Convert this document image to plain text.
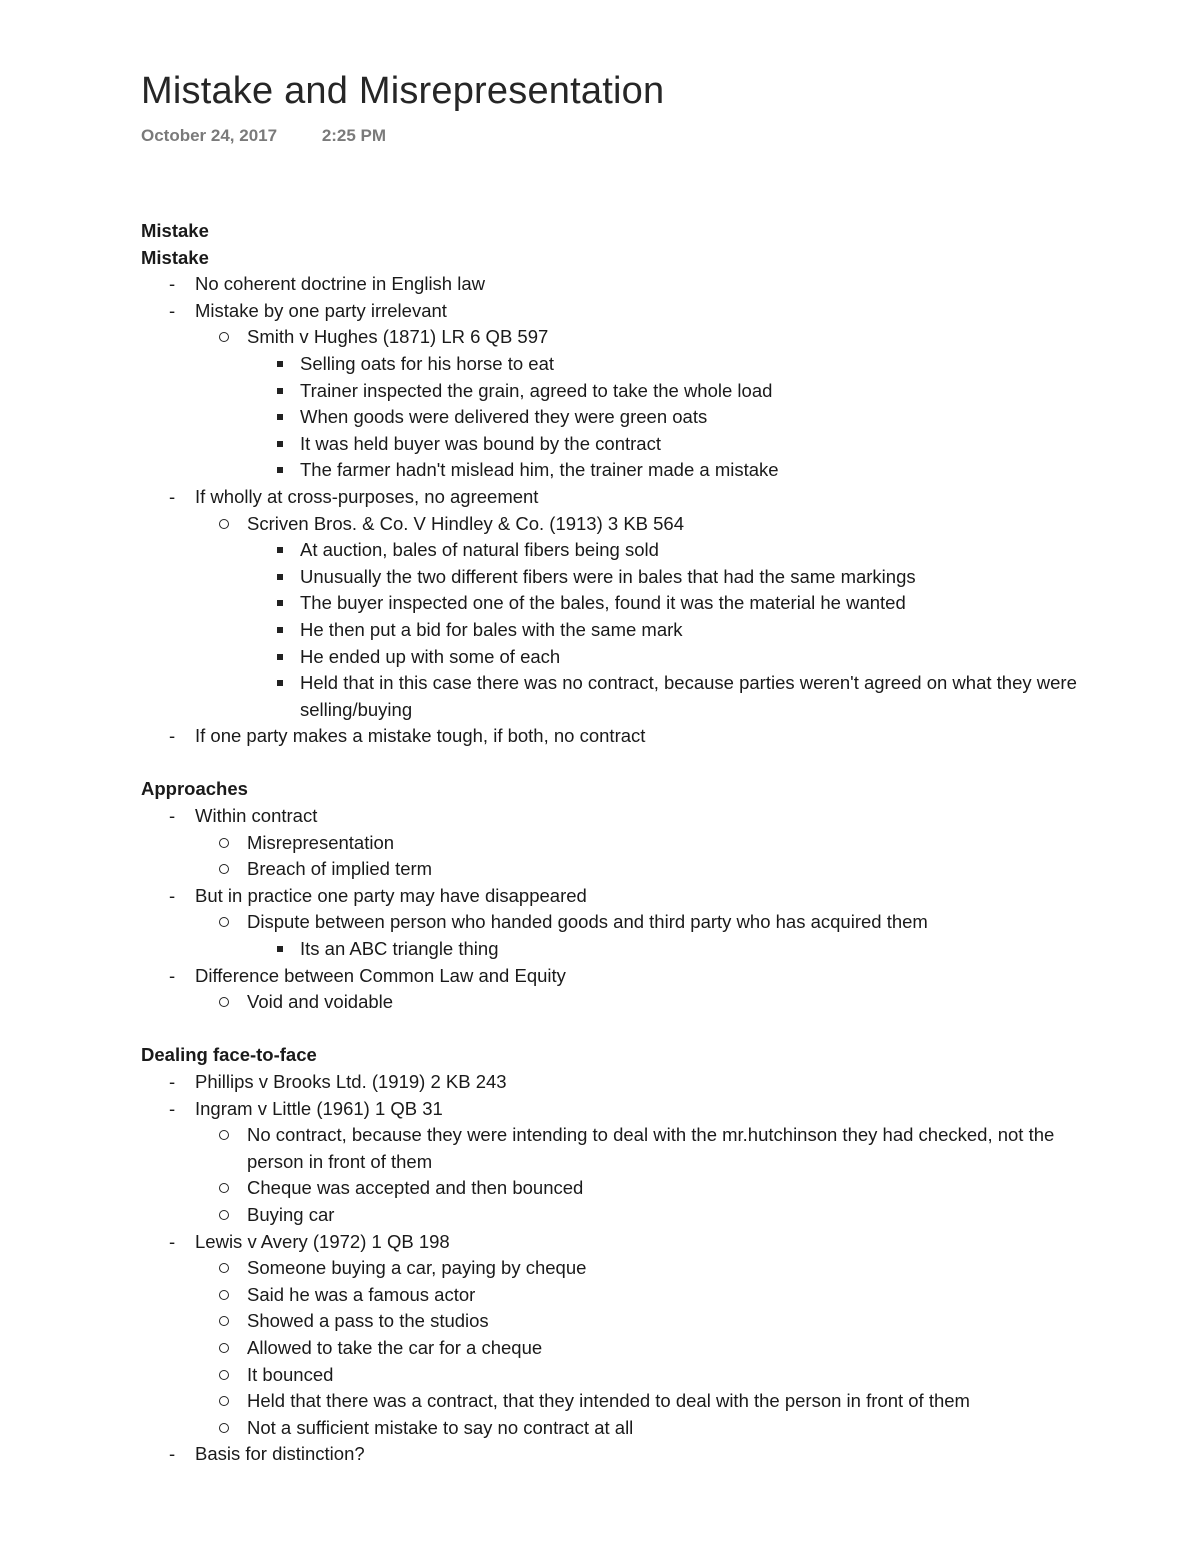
Mistake and Misrepresentation
October 24, 2017	2:25 PM
Mistake
Mistake
- No coherent doctrine in English law
- Mistake by one party irrelevant
Smith v Hughes (1871) LR 6 QB 597
Selling oats for his horse to eat
Trainer inspected the grain, agreed to take the whole load
When goods were delivered they were green oats
It was held buyer was bound by the contract
The farmer hadn't mislead him, the trainer made a mistake
- If wholly at cross-purposes, no agreement
Scriven Bros. & Co. V Hindley & Co. (1913) 3 KB 564
At auction, bales of natural fibers being sold
Unusually the two different fibers were in bales that had the same markings
The buyer inspected one of the bales, found it was the material he wanted
He then put a bid for bales with the same mark
He ended up with some of each
Held that in this case there was no contract, because parties weren't agreed on what they were selling/buying
- If one party makes a mistake tough, if both, no contract
Approaches
- Within contract
Misrepresentation
Breach of implied term
- But in practice one party may have disappeared
Dispute between person who handed goods and third party who has acquired them
Its an ABC triangle thing
- Difference between Common Law and Equity
Void and voidable
Dealing face-to-face
- Phillips v Brooks Ltd. (1919) 2 KB 243
- Ingram v Little (1961) 1 QB 31
No contract, because they were intending to deal with the mr.hutchinson they had checked, not the person in front of them
Cheque was accepted and then bounced
Buying car
- Lewis v Avery (1972) 1 QB 198
Someone buying a car, paying by cheque
Said he was a famous actor
Showed a pass to the studios
Allowed to take the car for a cheque
It bounced
Held that there was a contract, that they intended to deal with the person in front of them
Not a sufficient mistake to say no contract at all
- Basis for distinction?
